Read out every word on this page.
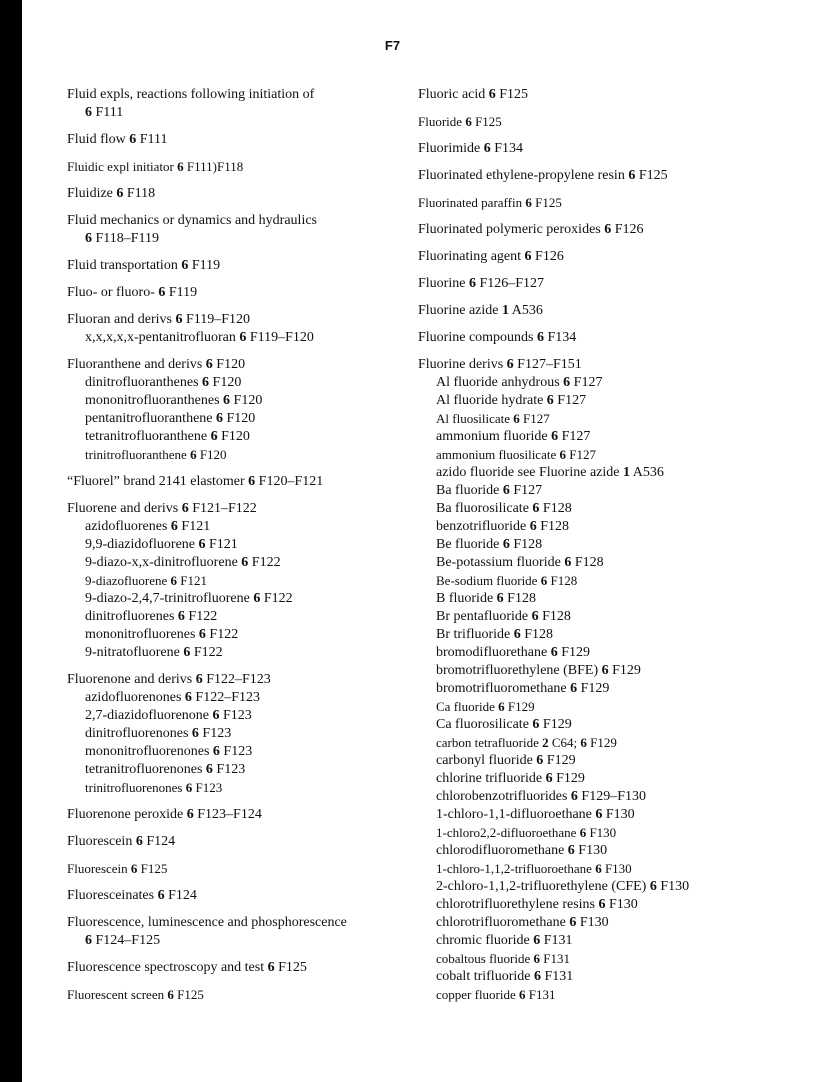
F7
Fluid expls, reactions following initiation of
6 F111
Fluid flow 6 F111
Fluidic expl initiator 6 F111)F118
Fluidize 6 F118
Fluid mechanics or dynamics and hydraulics
6 F118–F119
Fluid transportation 6 F119
Fluo- or fluoro- 6 F119
Fluoran and derivs 6 F119–F120
x,x,x,x,x-pentanitrofluoran 6 F119–F120
Fluoranthene and derivs 6 F120
dinitrofluoranthenes 6 F120
mononitrofluoranthenes 6 F120
pentanitrofluoranthene 6 F120
tetranitrofluoranthene 6 F120
trinitrofluoranthene 6 F120
“Fluorel” brand 2141 elastomer 6 F120–F121
Fluorene and derivs 6 F121–F122
azidofluorenes 6 F121
9,9-diazidofluorene 6 F121
9-diazo-x,x-dinitrofluorene 6 F122
9-diazofluorene 6 F121
9-diazo-2,4,7-trinitrofluorene 6 F122
dinitrofluorenes 6 F122
mononitrofluorenes 6 F122
9-nitratofluorene 6 F122
Fluorenone and derivs 6 F122–F123
azidofluorenones 6 F122–F123
2,7-diazidofluorenone 6 F123
dinitrofluorenones 6 F123
mononitrofluorenones 6 F123
tetranitrofluorenones 6 F123
trinitrofluorenones 6 F123
Fluorenone peroxide 6 F123–F124
Fluorescein 6 F124
Fluorescein 6 F125
Fluoresceinates 6 F124
Fluorescence, luminescence and phosphorescence
6 F124–F125
Fluorescence spectroscopy and test 6 F125
Fluorescent screen 6 F125
Fluoric acid 6 F125
Fluoride 6 F125
Fluorimide 6 F134
Fluorinated ethylene-propylene resin 6 F125
Fluorinated paraffin 6 F125
Fluorinated polymeric peroxides 6 F126
Fluorinating agent 6 F126
Fluorine 6 F126–F127
Fluorine azide 1 A536
Fluorine compounds 6 F134
Fluorine derivs 6 F127–F151
Al fluoride anhydrous 6 F127
Al fluoride hydrate 6 F127
Al fluosilicate 6 F127
ammonium fluoride 6 F127
ammonium fluosilicate 6 F127
azido fluoride see Fluorine azide 1 A536
Ba fluoride 6 F127
Ba fluorosilicate 6 F128
benzotrifluoride 6 F128
Be fluoride 6 F128
Be-potassium fluoride 6 F128
Be-sodium fluoride 6 F128
B fluoride 6 F128
Br pentafluoride 6 F128
Br trifluoride 6 F128
bromodifluorethane 6 F129
bromotrifluorethylene (BFE) 6 F129
bromotrifluoromethane 6 F129
Ca fluoride 6 F129
Ca fluorosilicate 6 F129
carbon tetrafluoride 2 C64; 6 F129
carbonyl fluoride 6 F129
chlorine trifluoride 6 F129
chlorobenzotrifluorides 6 F129–F130
1-chloro-1,1-difluoroethane 6 F130
1-chloro2,2-difluoroethane 6 F130
chlorodifluoromethane 6 F130
1-chloro-1,1,2-trifluoroethane 6 F130
2-chloro-1,1,2-trifluorethylene (CFE) 6 F130
chlorotrifluorethylene resins 6 F130
chlorotrifluoromethane 6 F130
chromic fluoride 6 F131
cobaltous fluoride 6 F131
cobalt trifluoride 6 F131
copper fluoride 6 F131
